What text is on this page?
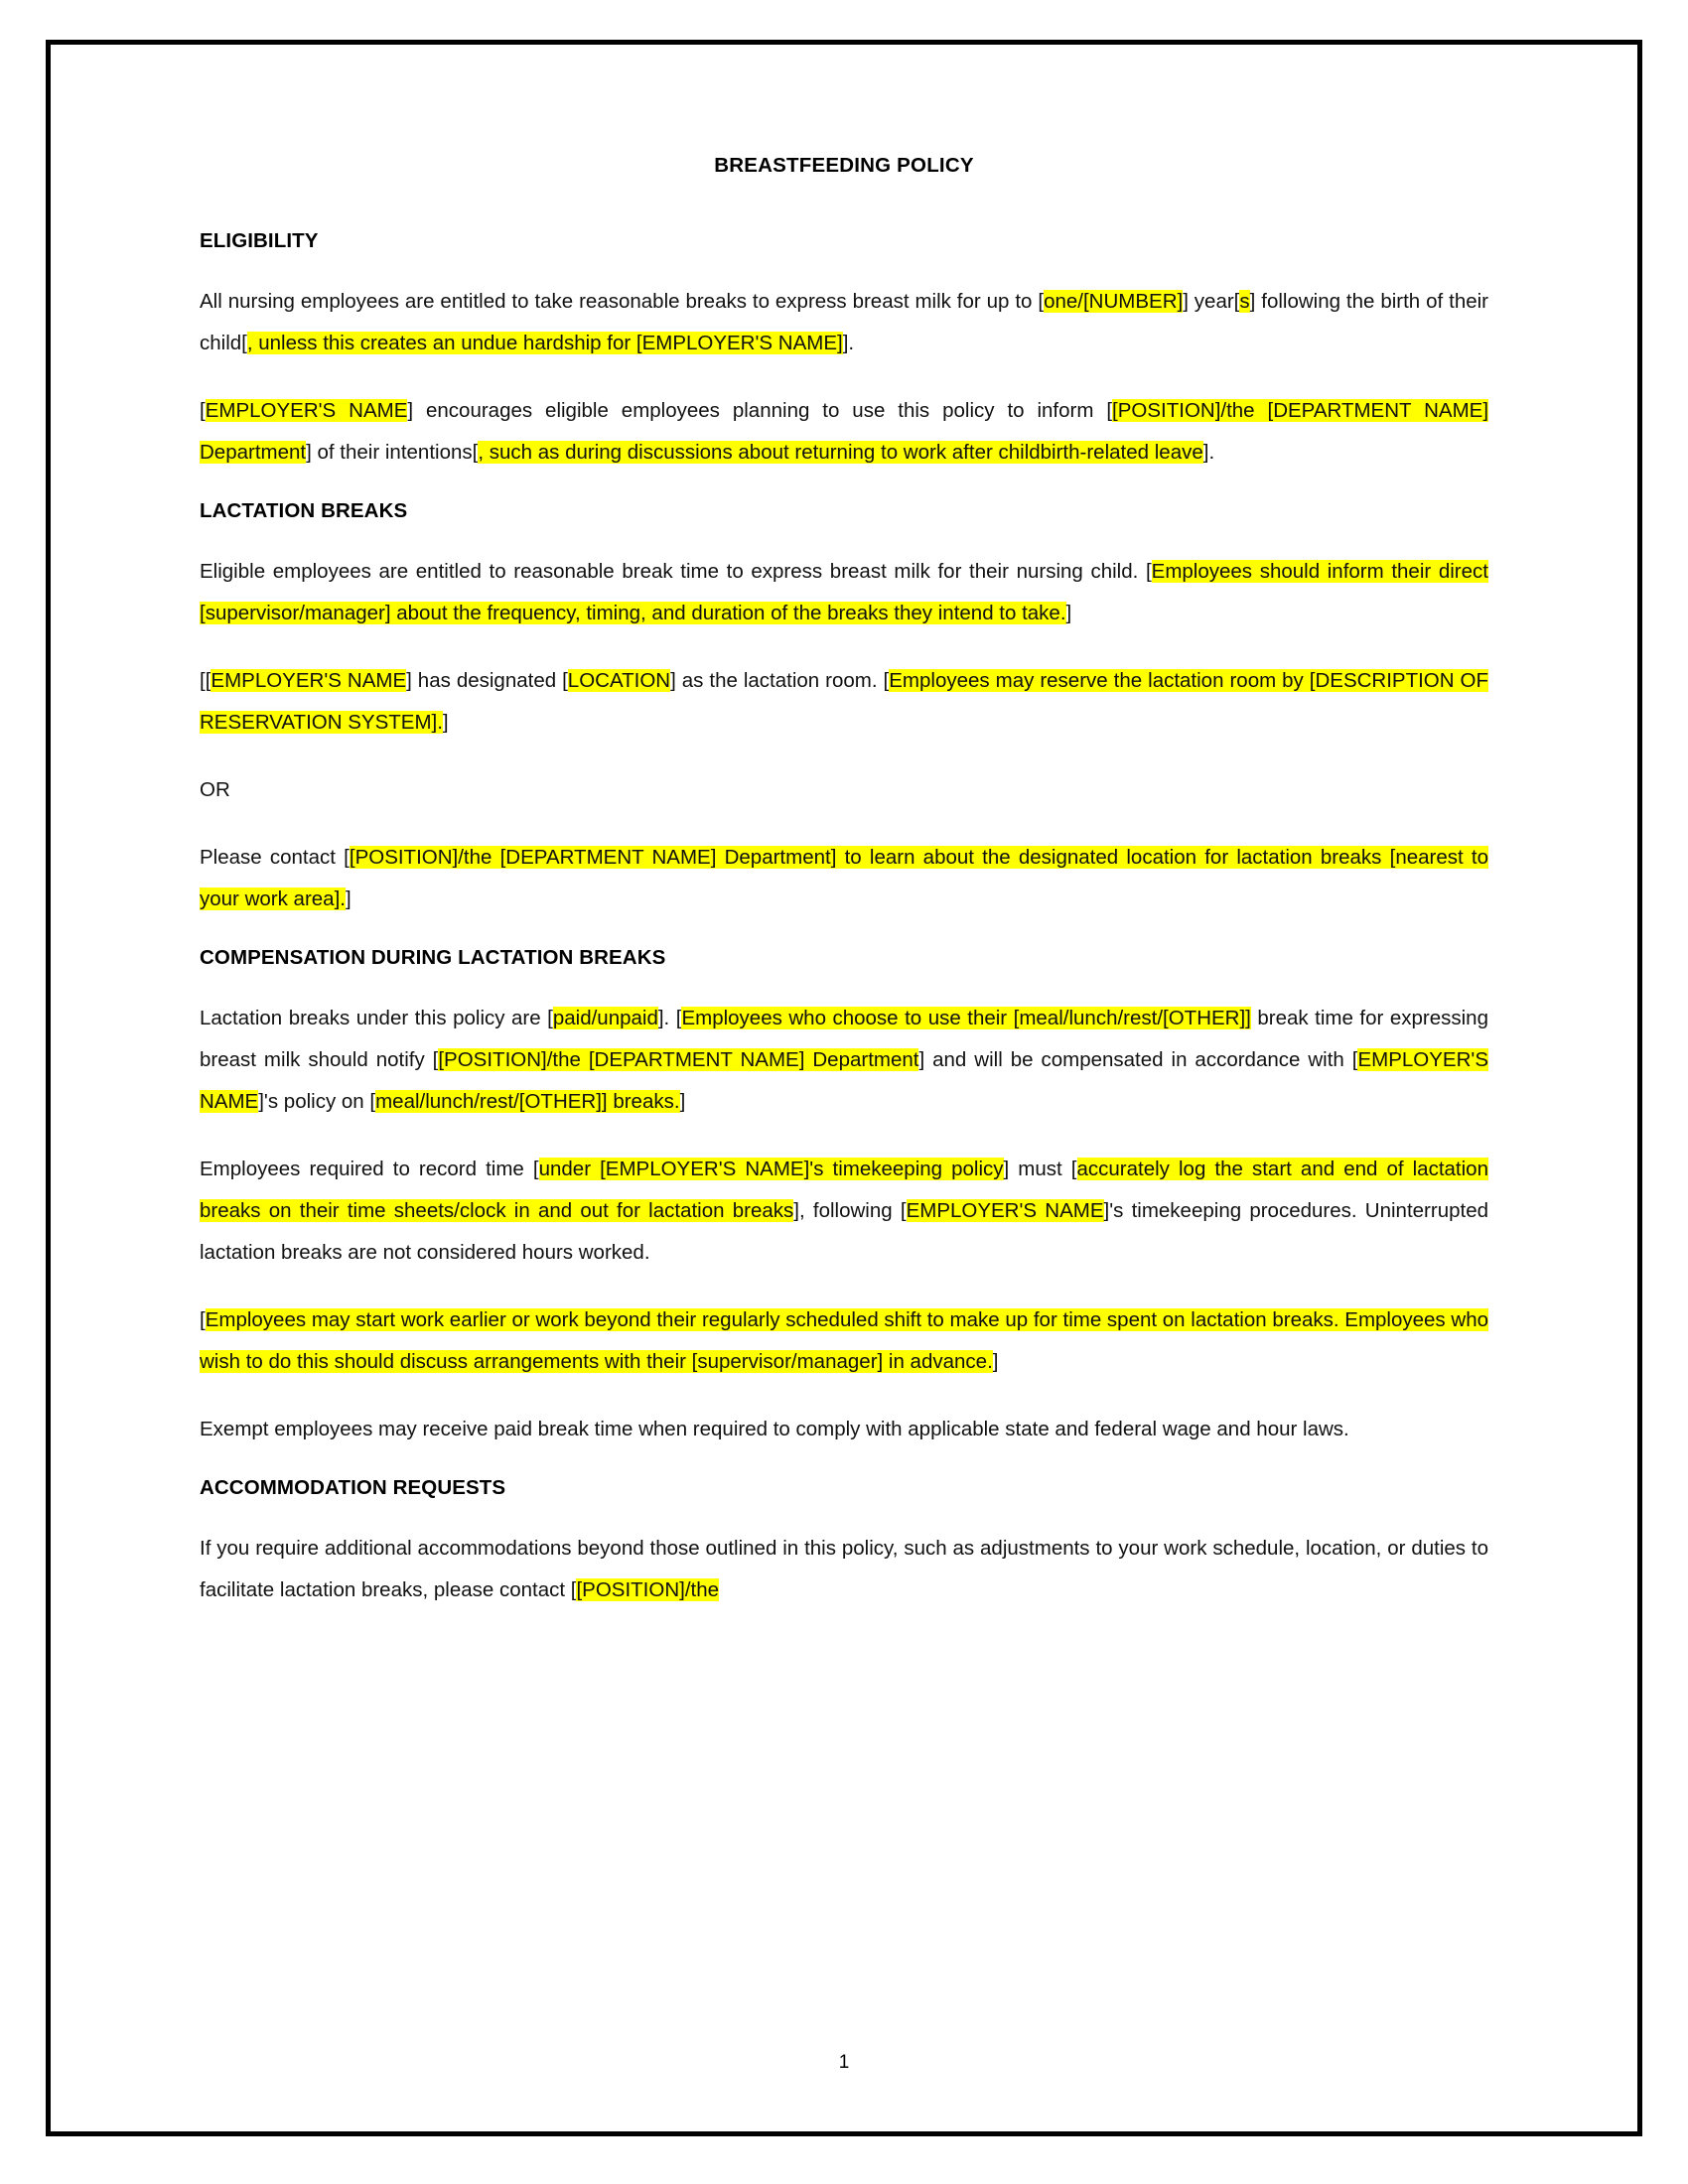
BREASTFEEDING POLICY
ELIGIBILITY

All nursing employees are entitled to take reasonable breaks to express breast milk for up to [one/[NUMBER]] year[s] following the birth of their child[, unless this creates an undue hardship for [EMPLOYER'S NAME]].

[EMPLOYER'S NAME] encourages eligible employees planning to use this policy to inform [[POSITION]/the [DEPARTMENT NAME] Department] of their intentions[, such as during discussions about returning to work after childbirth-related leave].

LACTATION BREAKS

Eligible employees are entitled to reasonable break time to express breast milk for their nursing child. [Employees should inform their direct [supervisor/manager] about the frequency, timing, and duration of the breaks they intend to take.]

[[EMPLOYER'S NAME] has designated [LOCATION] as the lactation room. [Employees may reserve the lactation room by [DESCRIPTION OF RESERVATION SYSTEM].]

OR

Please contact [[POSITION]/the [DEPARTMENT NAME] Department] to learn about the designated location for lactation breaks [nearest to your work area].]

COMPENSATION DURING LACTATION BREAKS

Lactation breaks under this policy are [paid/unpaid]. [Employees who choose to use their [meal/lunch/rest/[OTHER]] break time for expressing breast milk should notify [[POSITION]/the [DEPARTMENT NAME] Department] and will be compensated in accordance with [EMPLOYER'S NAME]'s policy on [meal/lunch/rest/[OTHER]] breaks.]

Employees required to record time [under [EMPLOYER'S NAME]'s timekeeping policy] must [accurately log the start and end of lactation breaks on their time sheets/clock in and out for lactation breaks], following [EMPLOYER'S NAME]'s timekeeping procedures. Uninterrupted lactation breaks are not considered hours worked.

[Employees may start work earlier or work beyond their regularly scheduled shift to make up for time spent on lactation breaks. Employees who wish to do this should discuss arrangements with their [supervisor/manager] in advance.]

Exempt employees may receive paid break time when required to comply with applicable state and federal wage and hour laws.

ACCOMMODATION REQUESTS

If you require additional accommodations beyond those outlined in this policy, such as adjustments to your work schedule, location, or duties to facilitate lactation breaks, please contact [[POSITION]/the

1
